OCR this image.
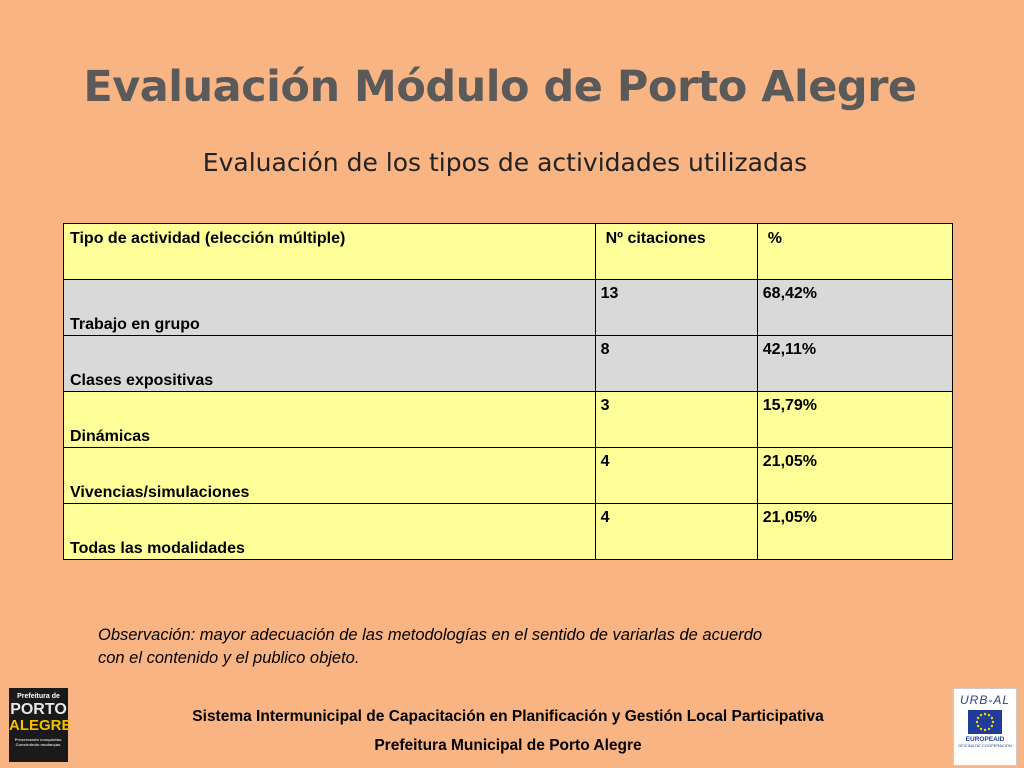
Evaluación Módulo de Porto Alegre
Evaluación de los tipos de actividades utilizadas
Tipo de actividad (elección múltiple)	Nº citaciones	%

Trabajo en grupo	13	68,42%

Clases expositivas	8	42,11%

Dinámicas	3	15,79%

Vivencias/simulaciones	4	21,05%

Todas las modalidades	4	21,05%
Observación: mayor adecuación de las metodologías en el sentido de variarlas de acuerdo
con el contenido y el publico objeto.
Sistema Intermunicipal de Capacitación en Planificación y Gestión Local Participativa
Prefeitura Municipal de Porto Alegre
Prefeitura de
PORTO
ALEGRE
Preservando conquistas. Construindo mudanças.
URB-AL
EUROPEAID
OFICINA DE COOPERACIÓN
